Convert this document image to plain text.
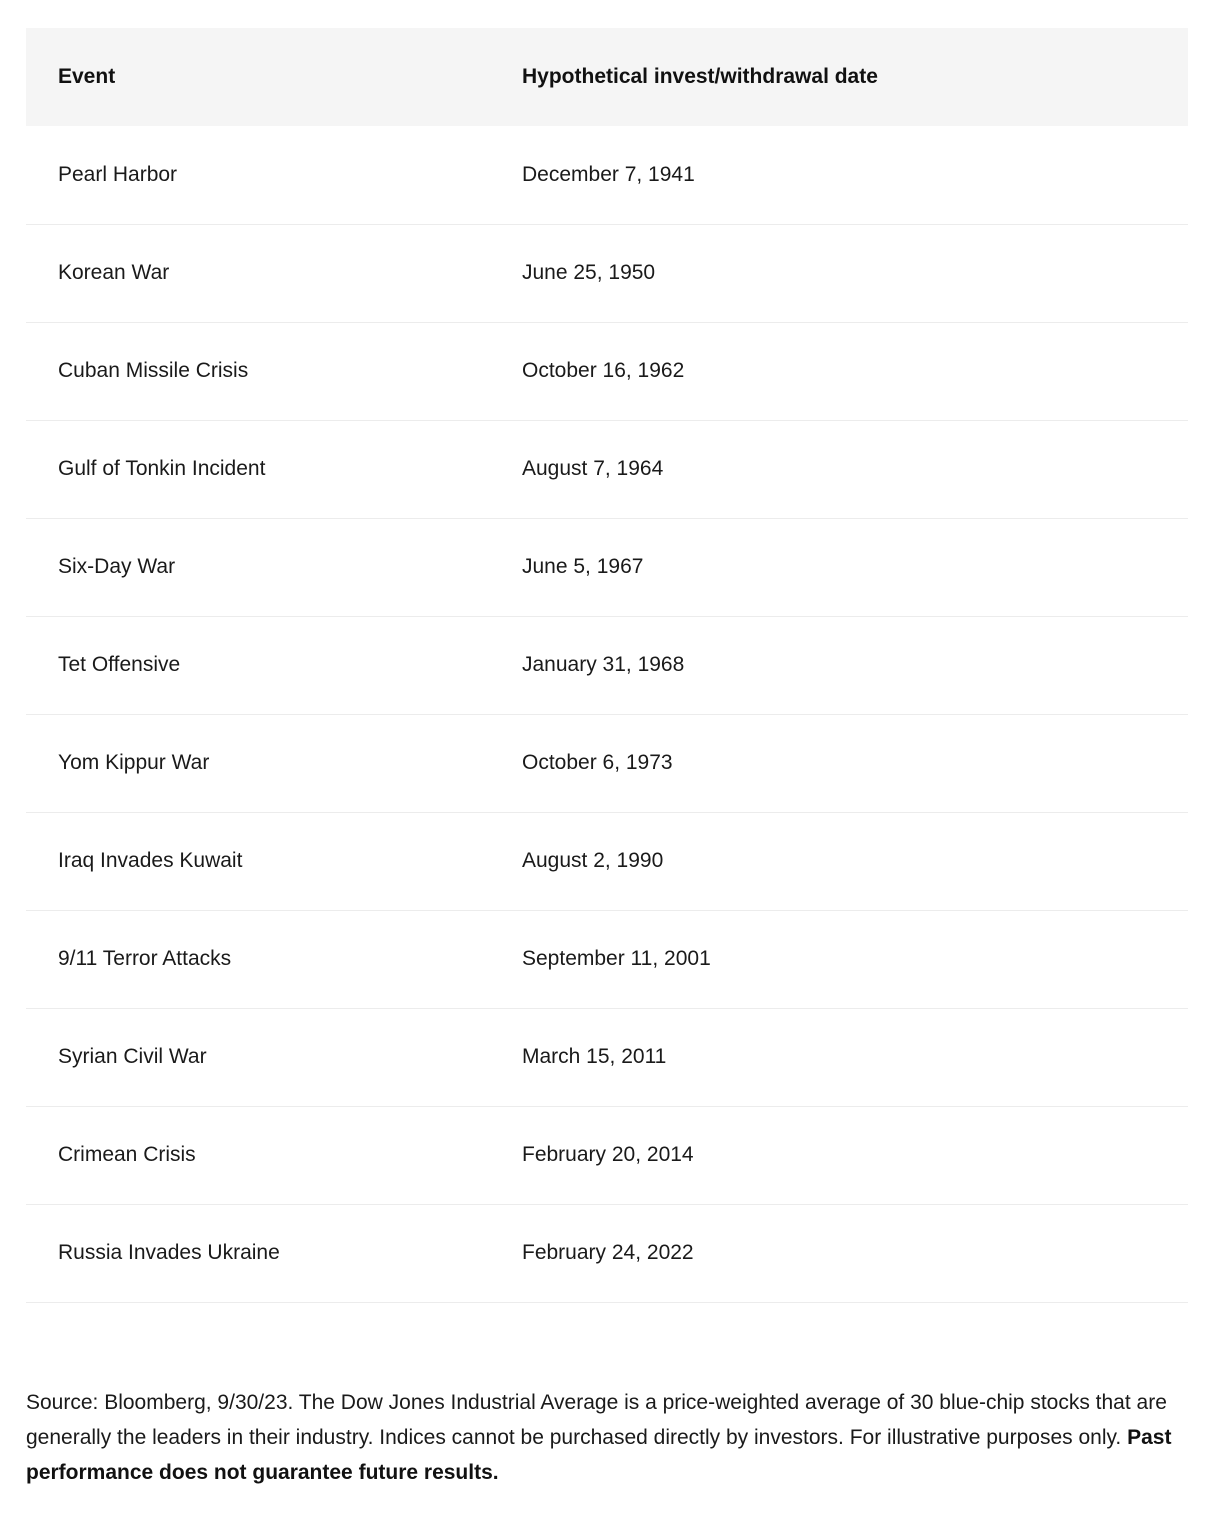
Event	Hypothetical invest/withdrawal date
Pearl Harbor	December 7, 1941
Korean War	June 25, 1950
Cuban Missile Crisis	October 16, 1962
Gulf of Tonkin Incident	August 7, 1964
Six-Day War	June 5, 1967
Tet Offensive	January 31, 1968
Yom Kippur War	October 6, 1973
Iraq Invades Kuwait	August 2, 1990
9/11 Terror Attacks	September 11, 2001
Syrian Civil War	March 15, 2011
Crimean Crisis	February 20, 2014
Russia Invades Ukraine	February 24, 2022

Source: Bloomberg, 9/30/23. The Dow Jones Industrial Average is a price-weighted average of 30 blue-chip stocks that are generally the leaders in their industry. Indices cannot be purchased directly by investors. For illustrative purposes only. Past performance does not guarantee future results.
